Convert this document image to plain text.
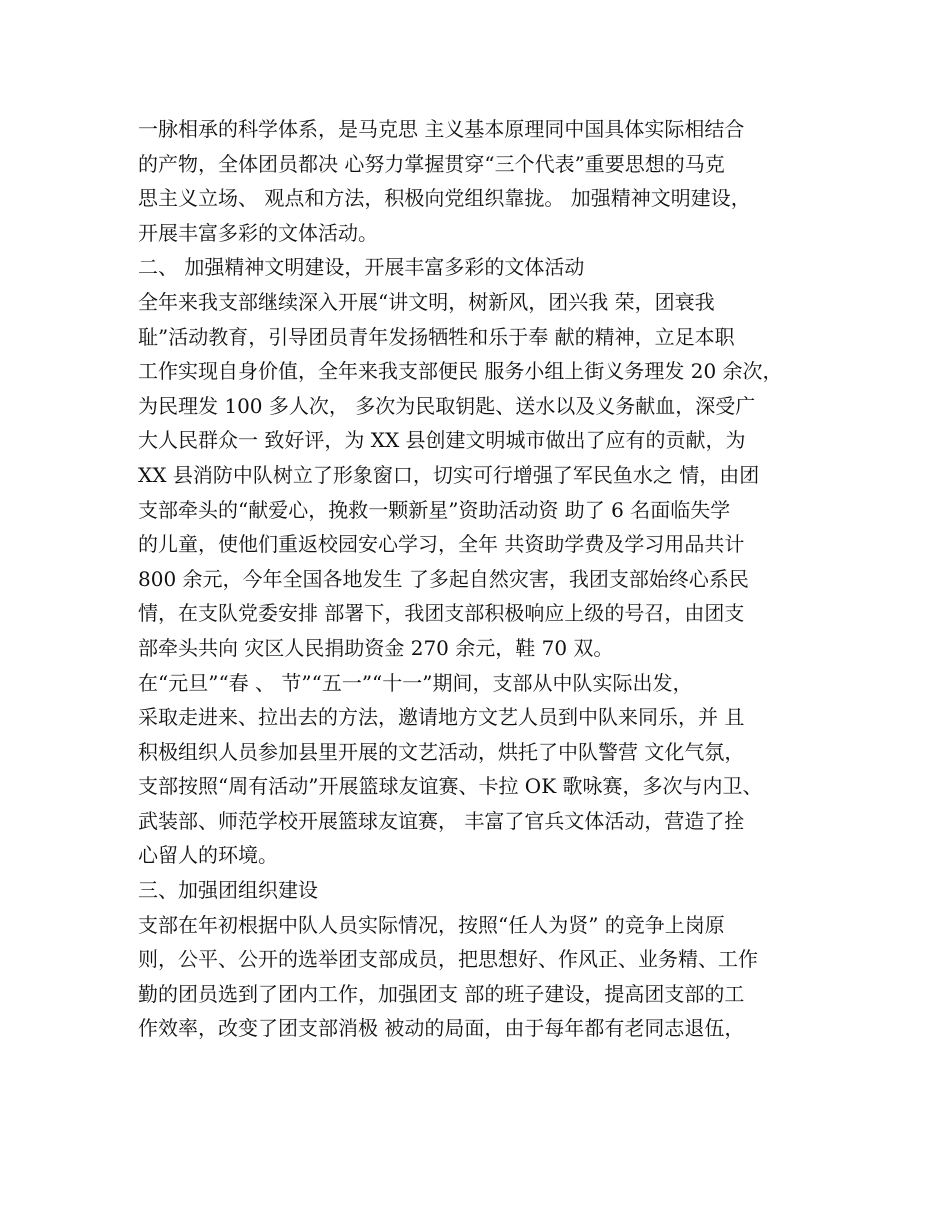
一脉相承的科学体系，是马克思 主义基本原理同中国具体实际相结合
的产物，全体团员都决 心努力掌握贯穿“三个代表”重要思想的马克
思主义立场、 观点和方法，积极向党组织靠拢。 加强精神文明建设，
开展丰富多彩的文体活动。
二、 加强精神文明建设，开展丰富多彩的文体活动
全年来我支部继续深入开展“讲文明，树新风，团兴我 荣，团衰我
耻”活动教育，引导团员青年发扬牺牲和乐于奉 献的精神，立足本职
工作实现自身价值，全年来我支部便民 服务小组上街义务理发 20 余次，
为民理发 100 多人次， 多次为民取钥匙、送水以及义务献血，深受广
大人民群众一 致好评，为 XX 县创建文明城市做出了应有的贡献，为
XX 县消防中队树立了形象窗口，切实可行增强了军民鱼水之 情，由团
支部牵头的“献爱心，挽救一颗新星”资助活动资 助了 6 名面临失学
的儿童，使他们重返校园安心学习，全年 共资助学费及学习用品共计
800 余元，今年全国各地发生 了多起自然灾害，我团支部始终心系民
情，在支队党委安排 部署下，我团支部积极响应上级的号召，由团支
部牵头共向 灾区人民捐助资金 270 余元，鞋 70 双。
在“元旦”“春 、 节”“五一”“十一”期间，支部从中队实际出发，
采取走进来、拉出去的方法，邀请地方文艺人员到中队来同乐，并 且
积极组织人员参加县里开展的文艺活动，烘托了中队警营 文化气氛，
支部按照“周有活动”开展篮球友谊赛、卡拉 OK 歌咏赛，多次与内卫、
武装部、师范学校开展篮球友谊赛， 丰富了官兵文体活动，营造了拴
心留人的环境。
三、加强团组织建设
支部在年初根据中队人员实际情况，按照“任人为贤” 的竞争上岗原
则，公平、公开的选举团支部成员，把思想好、作风正、业务精、工作
勤的团员选到了团内工作，加强团支 部的班子建设，提高团支部的工
作效率，改变了团支部消极 被动的局面，由于每年都有老同志退伍，
